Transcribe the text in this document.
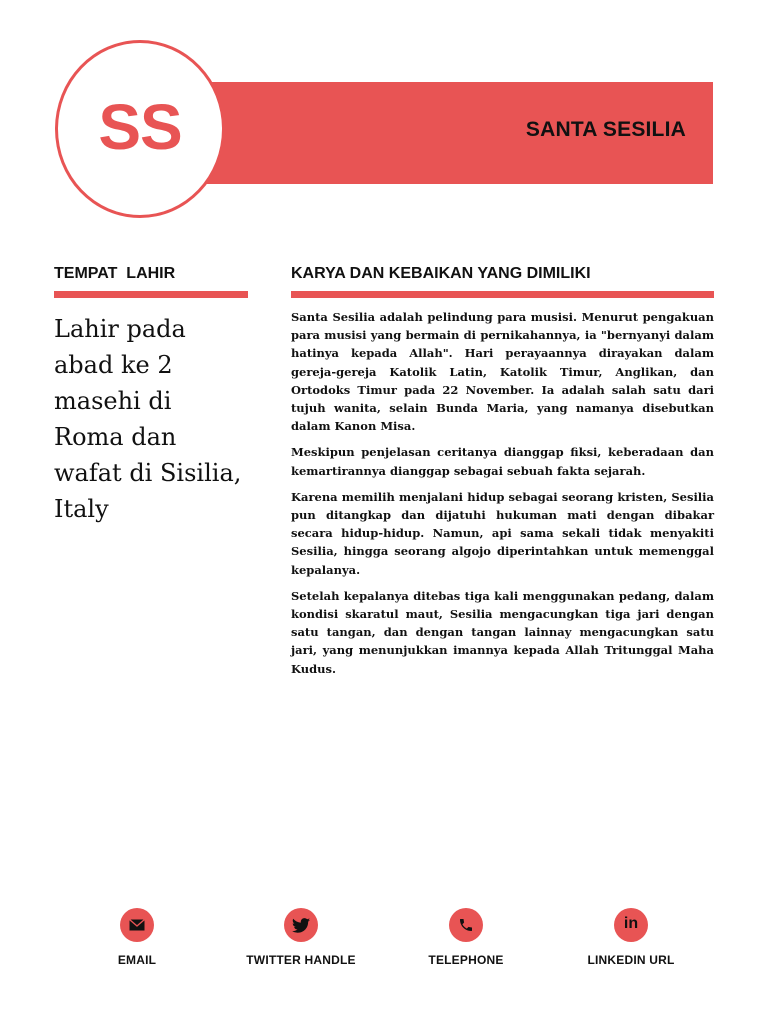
SANTA SESILIA
SS
TEMPAT  LAHIR
Lahir pada abad ke 2 masehi di Roma dan wafat di Sisilia, Italy
KARYA DAN KEBAIKAN YANG DIMILIKI

Santa Sesilia adalah pelindung para musisi. Menurut pengakuan para musisi yang bermain di pernikahannya, ia "bernyanyi dalam hatinya kepada Allah". Hari perayaannya dirayakan dalam gereja-gereja Katolik Latin, Katolik Timur, Anglikan, dan Ortodoks Timur pada 22 November. Ia adalah salah satu dari tujuh wanita, selain Bunda Maria, yang namanya disebutkan dalam Kanon Misa.

Meskipun penjelasan ceritanya dianggap fiksi, keberadaan dan kemartirannya dianggap sebagai sebuah fakta sejarah.

Karena memilih menjalani hidup sebagai seorang kristen, Sesilia pun ditangkap dan dijatuhi hukuman mati dengan dibakar secara hidup-hidup. Namun, api sama sekali tidak menyakiti Sesilia, hingga seorang algojo diperintahkan untuk memenggal kepalanya.

Setelah kepalanya ditebas tiga kali menggunakan pedang, dalam kondisi skaratul maut, Sesilia mengacungkan tiga jari dengan satu tangan, dan dengan tangan lainnay mengacungkan satu jari, yang menunjukkan imannya kepada Allah Tritunggal Maha Kudus.

EMAIL	TWITTER HANDLE	TELEPHONE
in
LINKEDIN URL
